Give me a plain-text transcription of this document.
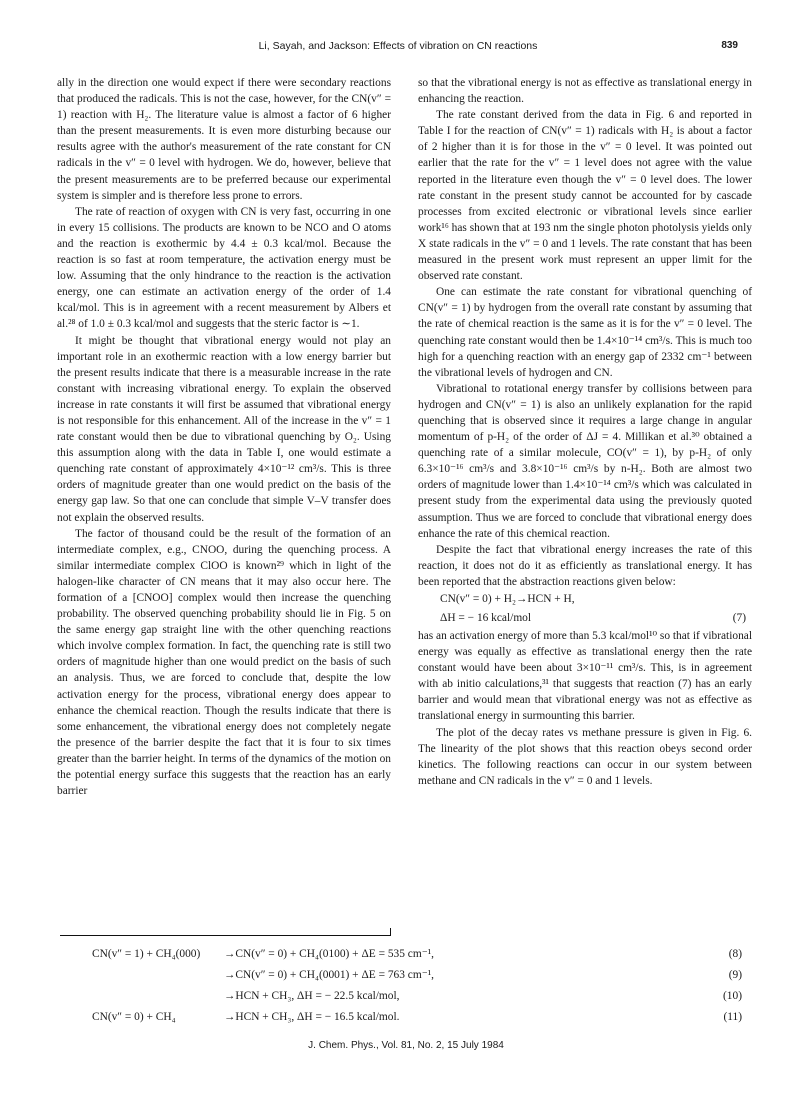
Li, Sayah, and Jackson: Effects of vibration on CN reactions	839

ally in the direction one would expect if there were secondary reactions that produced the radicals. This is not the case, however, for the CN(v″ = 1) reaction with H₂. The literature value is almost a factor of 6 higher than the present measurements. It is even more disturbing because our results agree with the author's measurement of the rate constant for CN radicals in the v″ = 0 level with hydrogen. We do, however, believe that the present measurements are to be preferred because our experimental system is simpler and is therefore less prone to errors.

The rate of reaction of oxygen with CN is very fast, occurring in one in every 15 collisions. The products are known to be NCO and O atoms and the reaction is exothermic by 4.4 ± 0.3 kcal/mol. Because the reaction is so fast at room temperature, the activation energy must be low. Assuming that the only hindrance to the reaction is the activation energy, one can estimate an activation energy of the order of 1.4 kcal/mol. This is in agreement with a recent measurement by Albers et al.²⁸ of 1.0 ± 0.3 kcal/mol and suggests that the steric factor is ∼1.

It might be thought that vibrational energy would not play an important role in an exothermic reaction with a low energy barrier but the present results indicate that there is a measurable increase in the rate constant with increasing vibrational energy. To explain the observed increase in rate constants it will first be assumed that vibrational energy is not responsible for this enhancement. All of the increase in the v″ = 1 rate constant would then be due to vibrational quenching by O₂. Using this assumption along with the data in Table I, one would estimate a quenching rate constant of approximately 4×10⁻¹² cm³/s. This is three orders of magnitude greater than one would predict on the basis of the energy gap law. So that one can conclude that simple V–V transfer does not explain the observed results.

The factor of thousand could be the result of the formation of an intermediate complex, e.g., CNOO, during the quenching process. A similar intermediate complex ClOO is known²⁹ which in light of the halogen-like character of CN means that it may also occur here. The formation of a [CNOO] complex would then increase the quenching probability. The observed quenching probability should lie in Fig. 5 on the same energy gap straight line with the other quenching reactions which involve complex formation. In fact, the quenching rate is still two orders of magnitude higher than one would predict on the basis of such an analysis. Thus, we are forced to conclude that, despite the low activation energy for the process, vibrational energy does appear to enhance the chemical reaction. Though the results indicate that there is some enhancement, the vibrational energy does not completely negate the presence of the barrier despite the fact that it is four to six times greater than the barrier height. In terms of the dynamics of the motion on the potential energy surface this suggests that the reaction has an early barrier

so that the vibrational energy is not as effective as translational energy in enhancing the reaction.

The rate constant derived from the data in Fig. 6 and reported in Table I for the reaction of CN(v″ = 1) radicals with H₂ is about a factor of 2 higher than it is for those in the v″ = 0 level. It was pointed out earlier that the rate for the v″ = 1 level does not agree with the value reported in the literature even though the v″ = 0 level does. The lower rate constant in the present study cannot be accounted for by cascade processes from excited electronic or vibrational levels since earlier work¹⁶ has shown that at 193 nm the single photon photolysis yields only X state radicals in the v″ = 0 and 1 levels. The rate constant that has been measured in the present work must represent an upper limit for the observed rate constant.

One can estimate the rate constant for vibrational quenching of CN(v″ = 1) by hydrogen from the overall rate constant by assuming that the rate of chemical reaction is the same as it is for the v″ = 0 level. The quenching rate constant would then be 1.4×10⁻¹⁴ cm³/s. This is much too high for a quenching reaction with an energy gap of 2332 cm⁻¹ between the vibrational levels of hydrogen and CN.

Vibrational to rotational energy transfer by collisions between para hydrogen and CN(v″ = 1) is also an unlikely explanation for the rapid quenching that is observed since it requires a large change in angular momentum of p-H₂ of the order of ΔJ = 4. Millikan et al.³⁰ obtained a quenching rate of a similar molecule, CO(v″ = 1), by p-H₂ of only 6.3×10⁻¹⁶ cm³/s and 3.8×10⁻¹⁶ cm³/s by n-H₂. Both are almost two orders of magnitude lower than 1.4×10⁻¹⁴ cm³/s which was calculated in present study from the experimental data using the previously quoted assumption. Thus we are forced to conclude that vibrational energy does enhance the rate of this chemical reaction.

Despite the fact that vibrational energy increases the rate of this reaction, it does not do it as efficiently as translational energy. It has been reported that the abstraction reactions given below:

CN(v″ = 0) + H₂→HCN + H,
ΔH = − 16 kcal/mol	(7)

has an activation energy of more than 5.3 kcal/mol¹⁰ so that if vibrational energy was equally as effective as translational energy then the rate constant would have been about 3×10⁻¹¹ cm³/s. This, is in agreement with ab initio calculations,³¹ that suggests that reaction (7) has an early barrier and would mean that vibrational energy was not as effective as translational energy in surmounting this barrier.

The plot of the decay rates vs methane pressure is given in Fig. 6. The linearity of the plot shows that this reaction obeys second order kinetics. The following reactions can occur in our system between methane and CN radicals in the v″ = 0 and 1 levels.

CN(v″ = 1) + CH₄(000) →CN(v″ = 0) + CH₄(0100) + ΔE = 535 cm⁻¹,	(8)
→CN(v″ = 0) + CH₄(0001) + ΔE = 763 cm⁻¹,	(9)
→HCN + CH₃, ΔH = − 22.5 kcal/mol,	(10)
CN(v″ = 0) + CH₄	→HCN + CH₃, ΔH = − 16.5 kcal/mol.	(11)
J. Chem. Phys., Vol. 81, No. 2, 15 July 1984
